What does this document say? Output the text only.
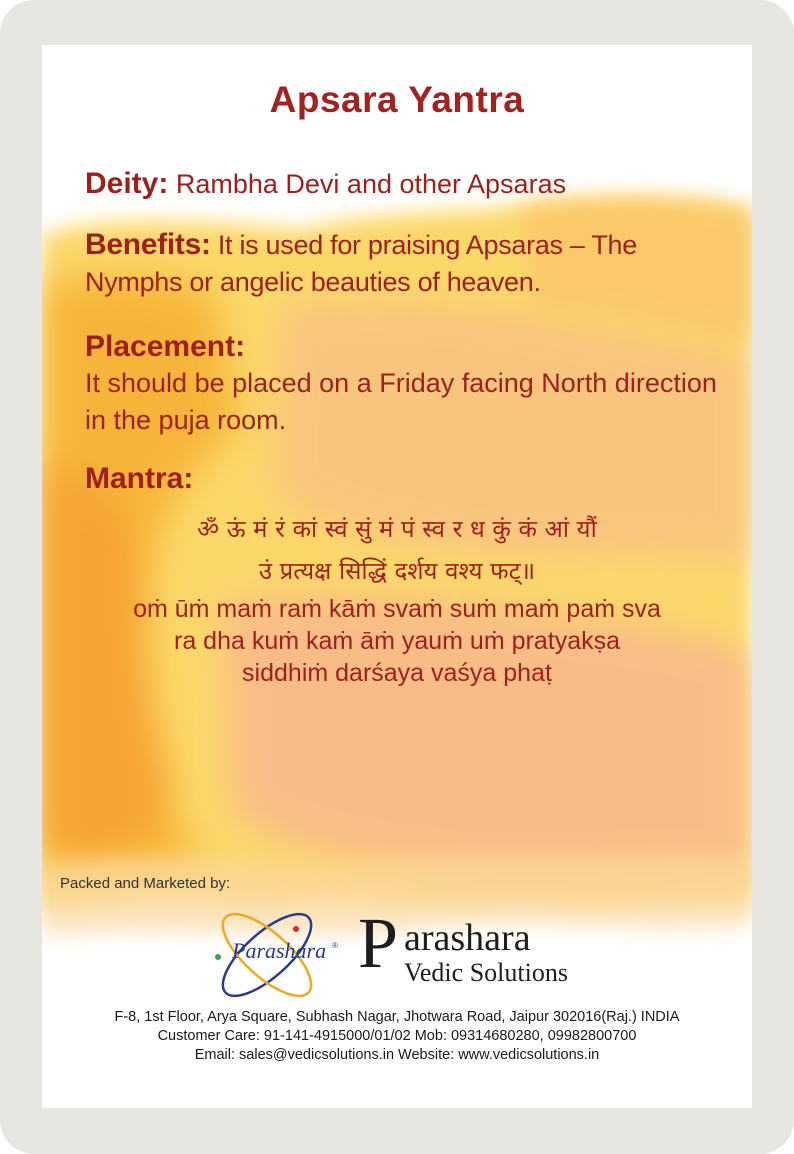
Apsara Yantra
Deity: Rambha Devi and other Apsaras
Benefits: It is used for praising Apsaras – The Nymphs or angelic beauties of heaven.
Placement:
It should be placed on a Friday facing North direction in the puja room.
Mantra:
ॐ ऊं मं रं कां स्वं सुं मं पं स्व र ध कुं कं आं यौं
उं प्रत्यक्ष सिद्धिं दर्शय वश्य फट्॥
oṁ ūṁ maṁ raṁ kāṁ svaṁ suṁ maṁ paṁ sva
ra dha kuṁ kaṁ āṁ yauṁ uṁ pratyakṣa
siddhiṁ darśaya vaśya phaṭ
Packed and Marketed by:
Parashara ® P arashara
Vedic Solutions
F-8, 1st Floor, Arya Square, Subhash Nagar, Jhotwara Road, Jaipur 302016(Raj.) INDIA
Customer Care: 91-141-4915000/01/02 Mob: 09314680280, 09982800700
Email: sales@vedicsolutions.in Website: www.vedicsolutions.in
